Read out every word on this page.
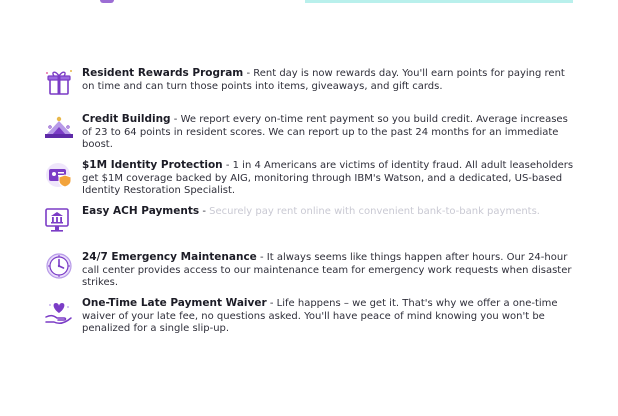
Resident Rewards Program - Rent day is now rewards day. You'll earn points for paying rent on time and can turn those points into items, giveaways, and gift cards.

Credit Building - We report every on-time rent payment so you build credit. Average increases of 23 to 64 points in resident scores. We can report up to the past 24 months for an immediate boost.

$1M Identity Protection - 1 in 4 Americans are victims of identity fraud. All adult leaseholders get $1M coverage backed by AIG, monitoring through IBM's Watson, and a dedicated, US-based Identity Restoration Specialist.

Easy ACH Payments - Securely pay rent online with convenient bank-to-bank payments.

24/7 Emergency Maintenance - It always seems like things happen after hours. Our 24-hour call center provides access to our maintenance team for emergency work requests when disaster strikes.

One-Time Late Payment Waiver - Life happens – we get it. That's why we offer a one-time waiver of your late fee, no questions asked. You'll have peace of mind knowing you won't be penalized for a single slip-up.
